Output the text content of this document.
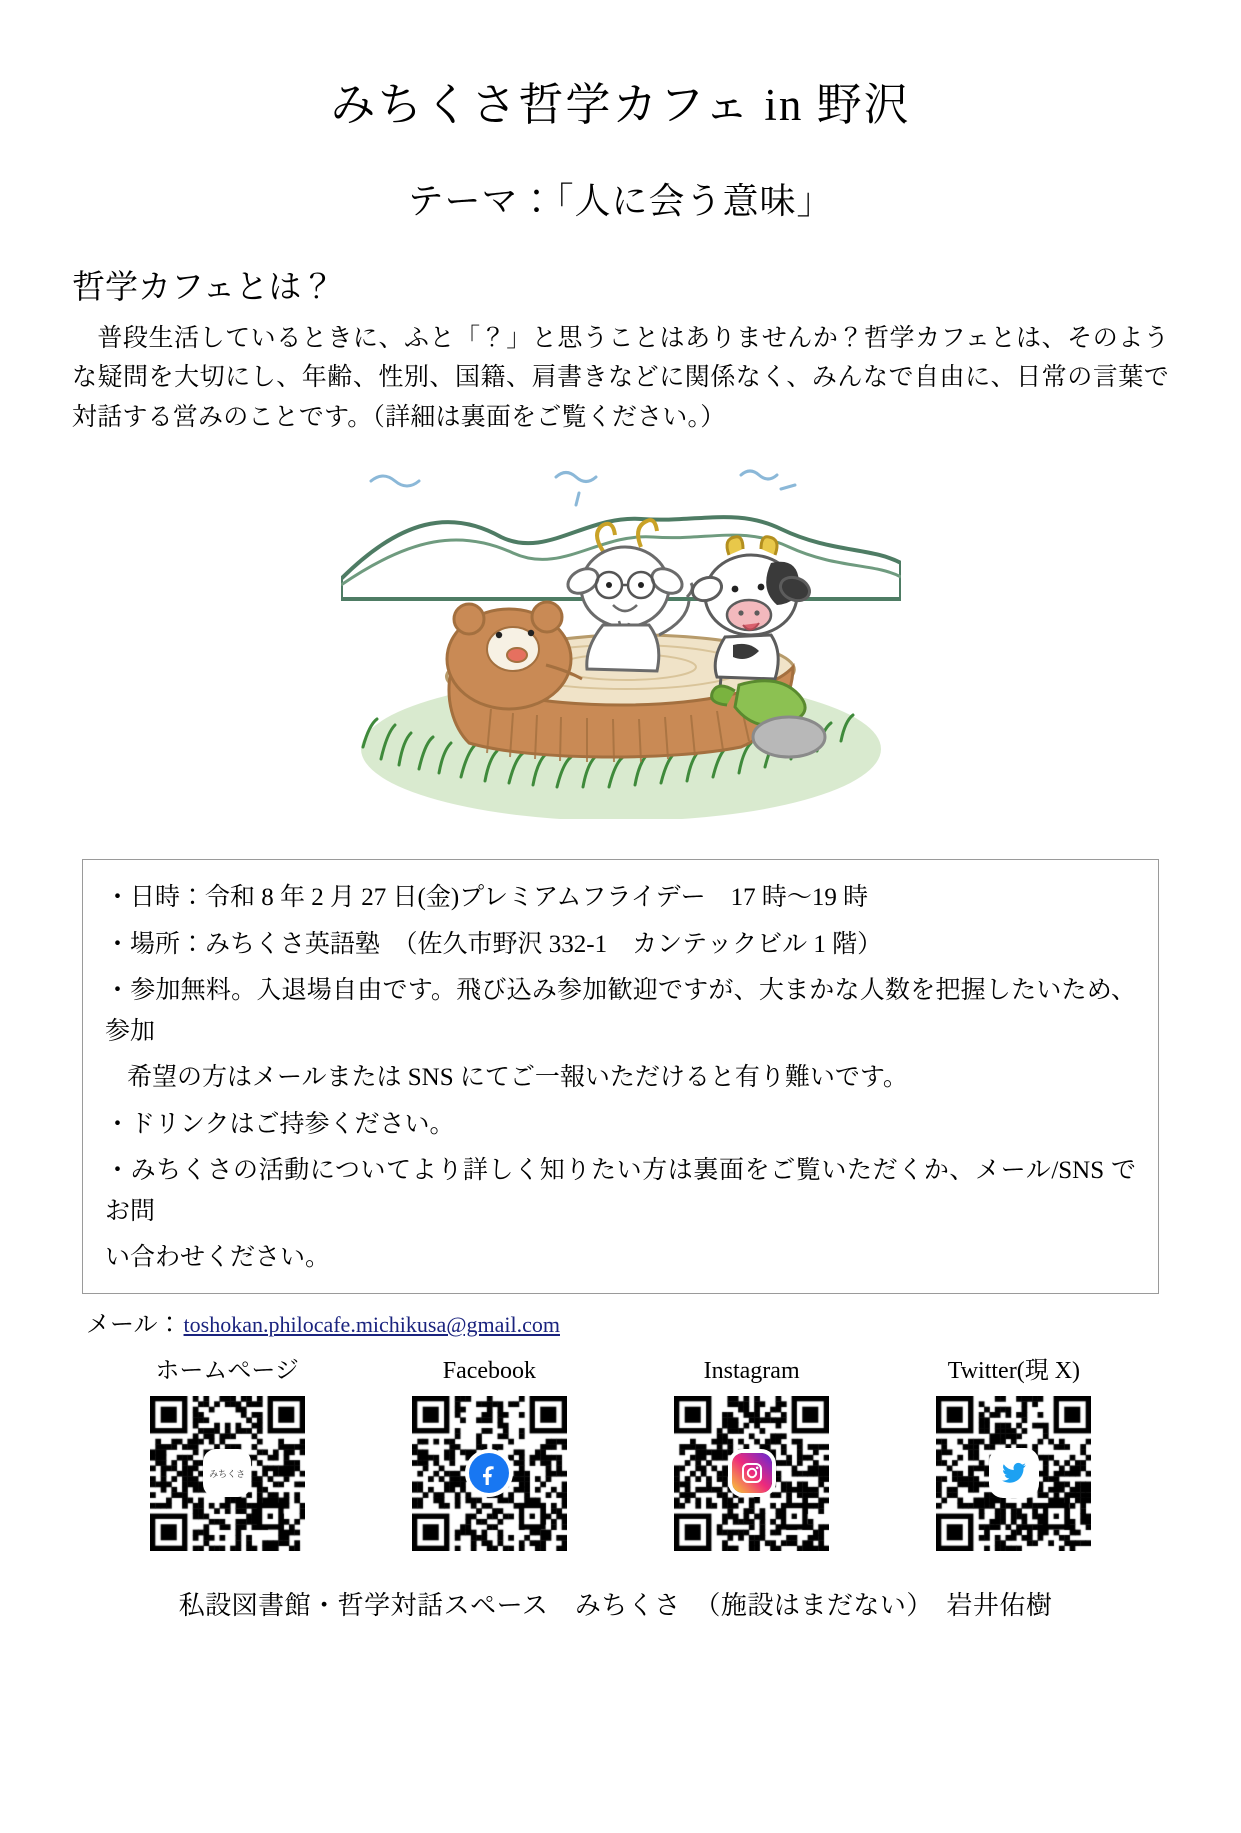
みちくさ哲学カフェ in 野沢
テーマ：「人に会う意味」
哲学カフェとは？
普段生活しているときに、ふと「？」と思うことはありませんか？哲学カフェとは、そのような疑問を大切にし、年齢、性別、国籍、肩書きなどに関係なく、みんなで自由に、日常の言葉で対話する営みのことです。（詳細は裏面をご覧ください。）
・日時：令和 8 年 2 月 27 日(金)プレミアムフライデー　17 時〜19 時
・場所：みちくさ英語塾　（佐久市野沢 332-1　カンテックビル 1 階）
・参加無料。入退場自由です。飛び込み参加歓迎ですが、大まかな人数を把握したいため、参加
希望の方はメールまたは SNS にてご一報いただけると有り難いです。
・ドリンクはご持参ください。
・みちくさの活動についてより詳しく知りたい方は裏面をご覧いただくか、メール/SNS でお問
い合わせください。
メール： toshokan.philocafe.michikusa@gmail.com
ホームページ
みちくさ
Facebook	Instagram	Twitter(現 X)
私設図書館・哲学対話スペース　みちくさ　（施設はまだない）　岩井佑樹
